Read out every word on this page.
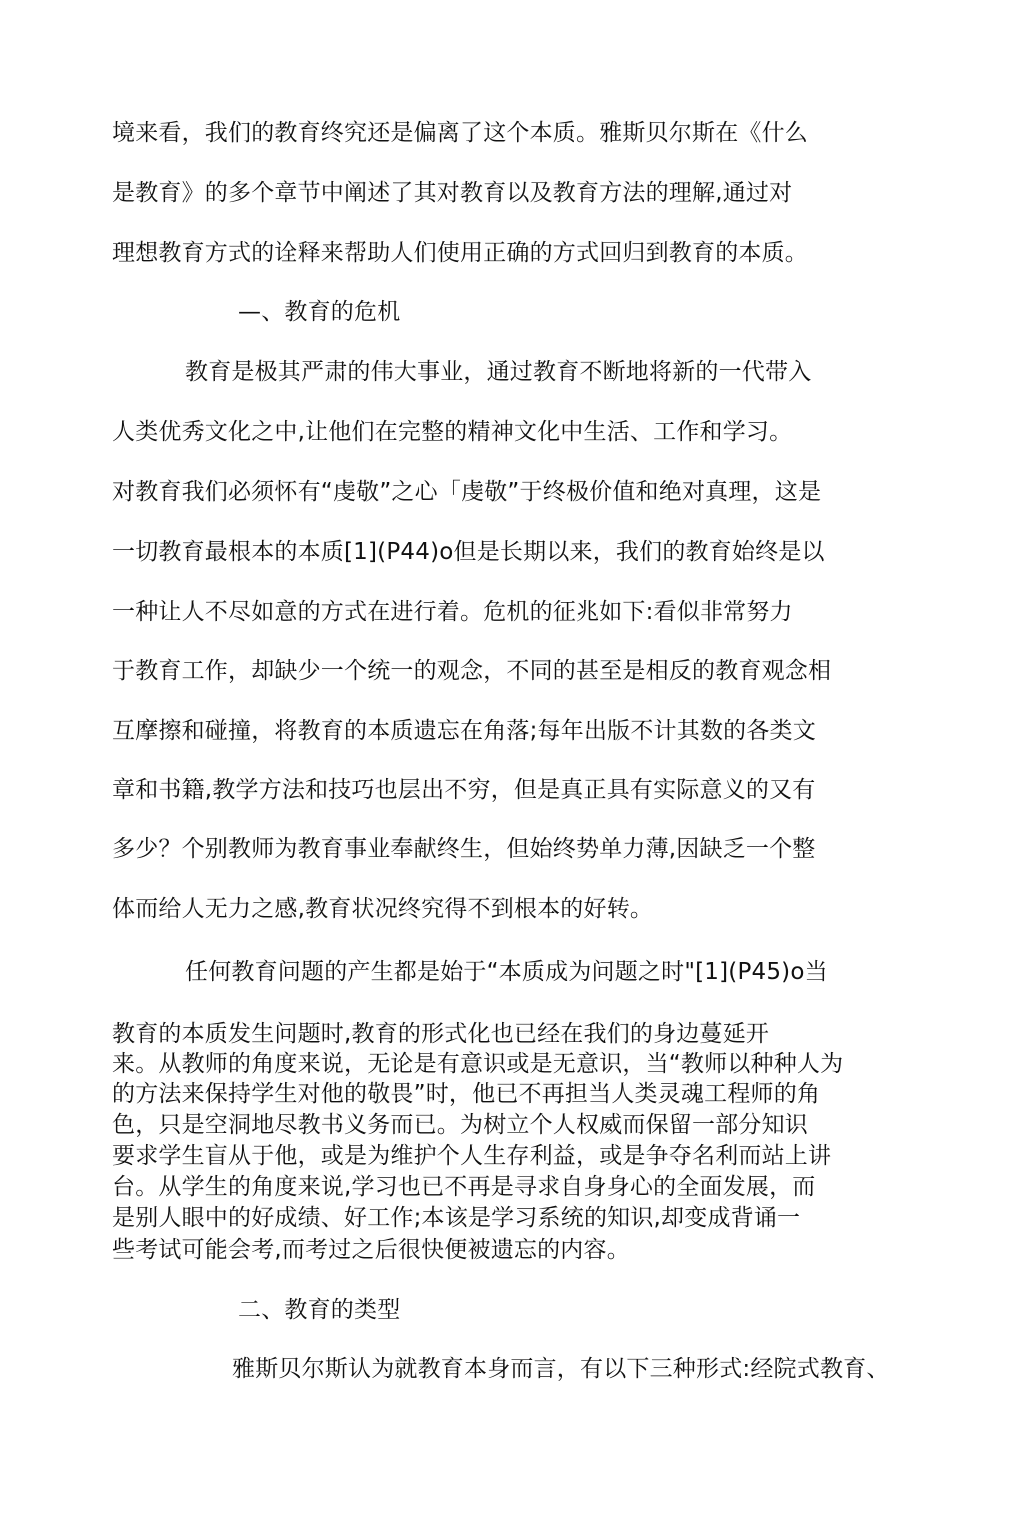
境来看，我们的教育终究还是偏离了这个本质。雅斯贝尔斯在《什么
是教育》的多个章节中阐述了其对教育以及教育方法的理解,通过对
理想教育方式的诠释来帮助人们使用正确的方式回归到教育的本质。
—、教育的危机
教育是极其严肃的伟大事业，通过教育不断地将新的一代带入
人类优秀文化之中,让他们在完整的精神文化中生活、工作和学习。
对教育我们必须怀有“虔敬”之心「虔敬”于终极价值和绝对真理，这是
一切教育最根本的本质[1](P44)o但是长期以来，我们的教育始终是以
一种让人不尽如意的方式在进行着。危机的征兆如下:看似非常努力
于教育工作，却缺少一个统一的观念，不同的甚至是相反的教育观念相
互摩擦和碰撞，将教育的本质遗忘在角落;每年出版不计其数的各类文
章和书籍,教学方法和技巧也层出不穷，但是真正具有实际意义的又有
多少？个别教师为教育事业奉献终生，但始终势单力薄,因缺乏一个整
体而给人无力之感,教育状况终究得不到根本的好转。
任何教育问题的产生都是始于“本质成为问题之时"[1](P45)o当
教育的本质发生问题时,教育的形式化也已经在我们的身边蔓延开
来。从教师的角度来说，无论是有意识或是无意识，当“教师以种种人为
的方法来保持学生对他的敬畏”时，他已不再担当人类灵魂工程师的角
色，只是空洞地尽教书义务而已。为树立个人权威而保留一部分知识
要求学生盲从于他，或是为维护个人生存利益，或是争夺名利而站上讲
台。从学生的角度来说,学习也已不再是寻求自身身心的全面发展，而
是别人眼中的好成绩、好工作;本该是学习系统的知识,却变成背诵一
些考试可能会考,而考过之后很快便被遗忘的内容。
二、教育的类型
雅斯贝尔斯认为就教育本身而言，有以下三种形式:经院式教育、
